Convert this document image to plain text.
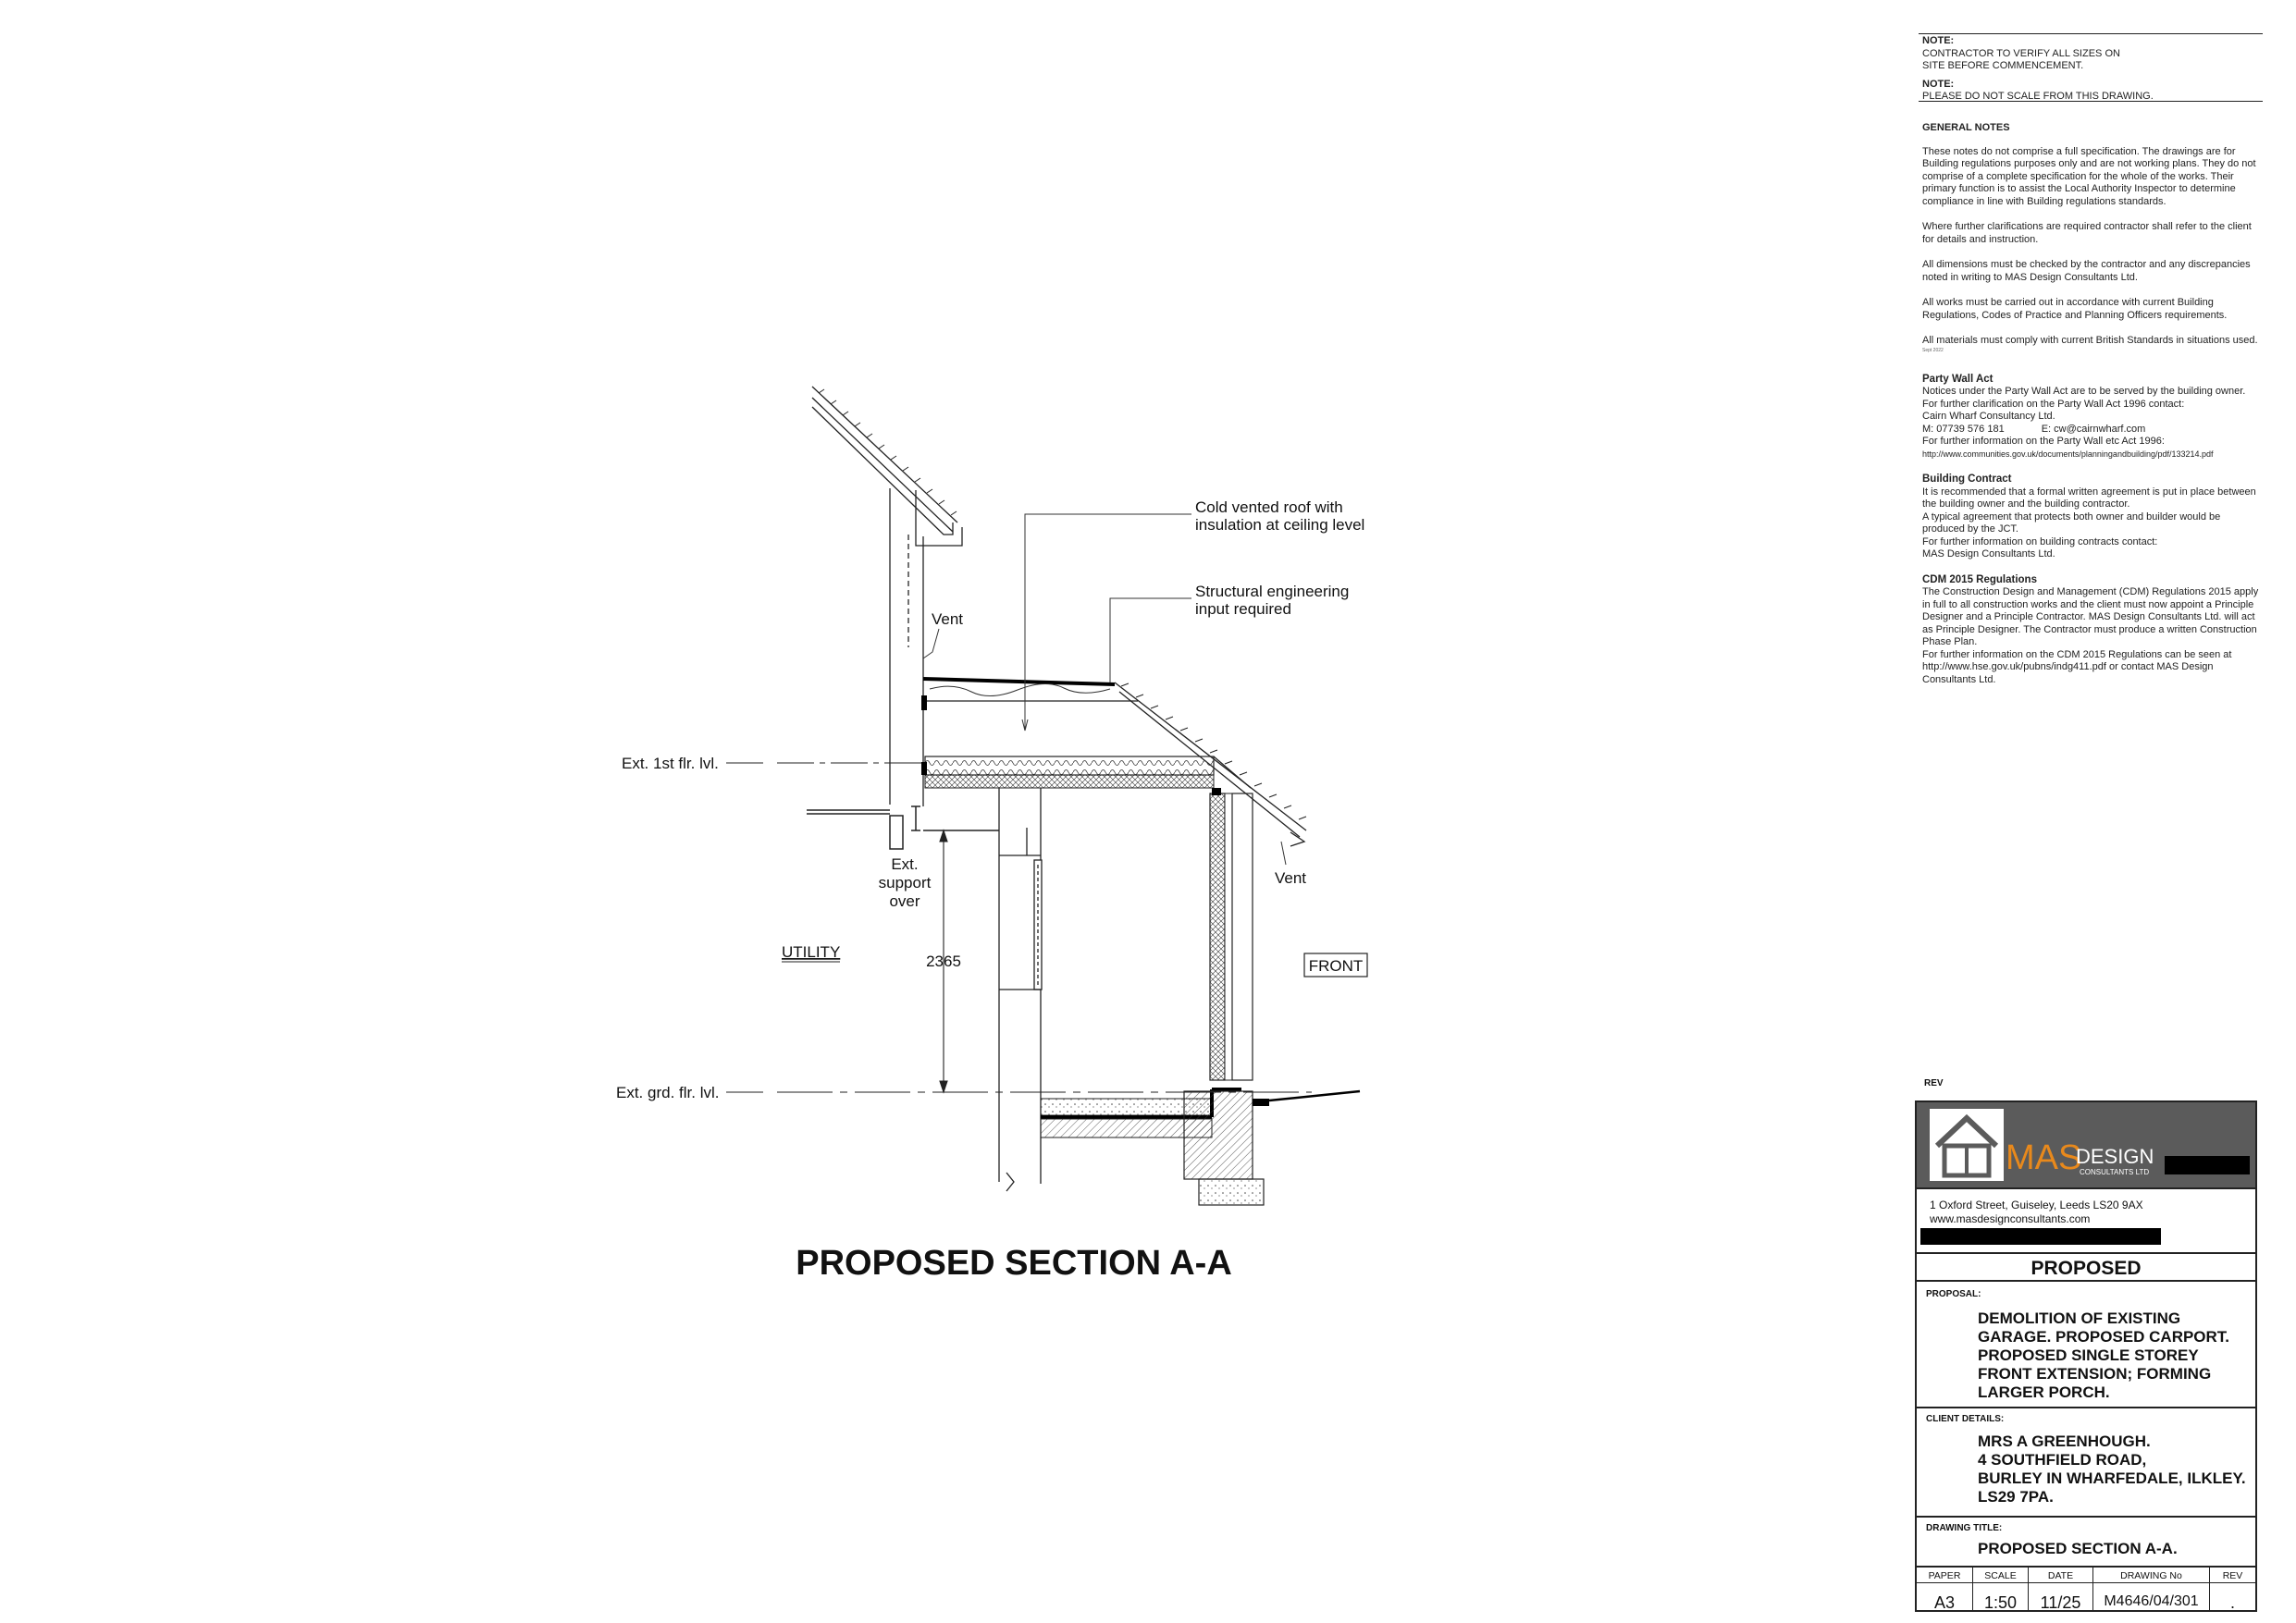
Cold vented roof with
insulation at ceiling level
Structural engineering
input required
Vent
Vent
Ext. 1st flr. lvl.
Ext. grd. flr. lvl.
Ext.
support
over
UTILITY
FRONT
2365
PROPOSED SECTION A-A

NOTE:

CONTRACTOR TO VERIFY ALL SIZES ON

SITE BEFORE COMMENCEMENT.

NOTE:

PLEASE DO NOT SCALE FROM THIS DRAWING.

GENERAL NOTES

These notes do not comprise a full specification. The drawings are for Building regulations purposes only and are not working plans. They do not comprise of a complete specification for the whole of the works. Their primary function is to assist the Local Authority Inspector to determine compliance in line with Building regulations standards.

Where further clarifications are required contractor shall refer to the client for details and instruction.

All dimensions must be checked by the contractor and any discrepancies noted in writing to MAS Design Consultants Ltd.

All works must be carried out in accordance with current Building Regulations, Codes of Practice and Planning Officers requirements.

All materials must comply with current British Standards in situations used.

Sept 2022

Party Wall Act

Notices under the Party Wall Act are to be served by the building owner.

For further clarification on the Party Wall Act 1996 contact:

Cairn Wharf Consultancy Ltd.

M: 07739 576 181	E: cw@cairnwharf.com

For further information on the Party Wall etc Act 1996:

http://www.communities.gov.uk/documents/planningandbuilding/pdf/133214.pdf

Building Contract

It is recommended that a formal written agreement is put in place between the building owner and the building contractor.

A typical agreement that protects both owner and builder would be produced by the JCT.

For further information on building contracts contact:

MAS Design Consultants Ltd.

CDM 2015 Regulations

The Construction Design and Management (CDM) Regulations 2015 apply in full to all construction works and the client must now appoint a Principle Designer and a Principle Contractor. MAS Design Consultants Ltd. will act as Principle Designer. The Contractor must produce a written Construction Phase Plan.

For further information on the CDM 2015 Regulations can be seen at http://www.hse.gov.uk/pubns/indg411.pdf or contact MAS Design Consultants Ltd.

REV
MAS
DESIGN
CONSULTANTS LTD
1 Oxford Street, Guiseley, Leeds LS20 9AX
www.masdesignconsultants.com
PROPOSED
PROPOSAL:
DEMOLITION OF EXISTING
GARAGE. PROPOSED CARPORT.
PROPOSED SINGLE STOREY
FRONT EXTENSION; FORMING
LARGER PORCH.
CLIENT DETAILS:
MRS A GREENHOUGH.
4 SOUTHFIELD ROAD,
BURLEY IN WHARFEDALE, ILKLEY.
LS29 7PA.
DRAWING TITLE:
PROPOSED SECTION A-A.
PAPER
A3
SCALE
1:50
DATE
11/25
DRAWING No
M4646/04/301
REV
.
